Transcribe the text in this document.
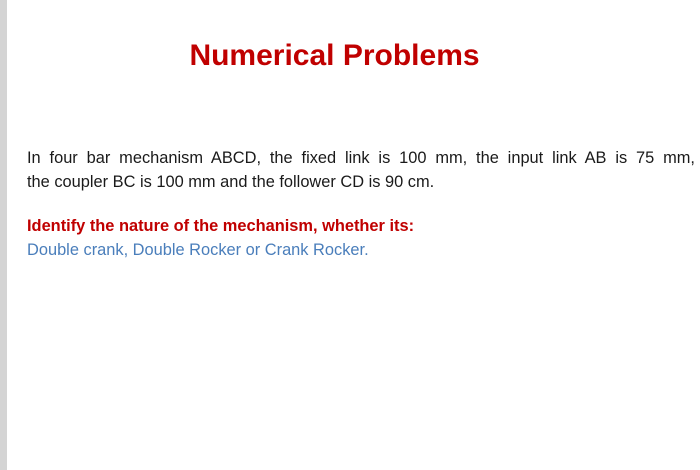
Numerical Problems
In four bar mechanism ABCD, the fixed link is 100 mm, the input link AB is 75 mm,
the coupler BC is 100 mm and the follower CD is 90 cm.
Identify the nature of the mechanism, whether its:
Double crank, Double Rocker or Crank Rocker.
